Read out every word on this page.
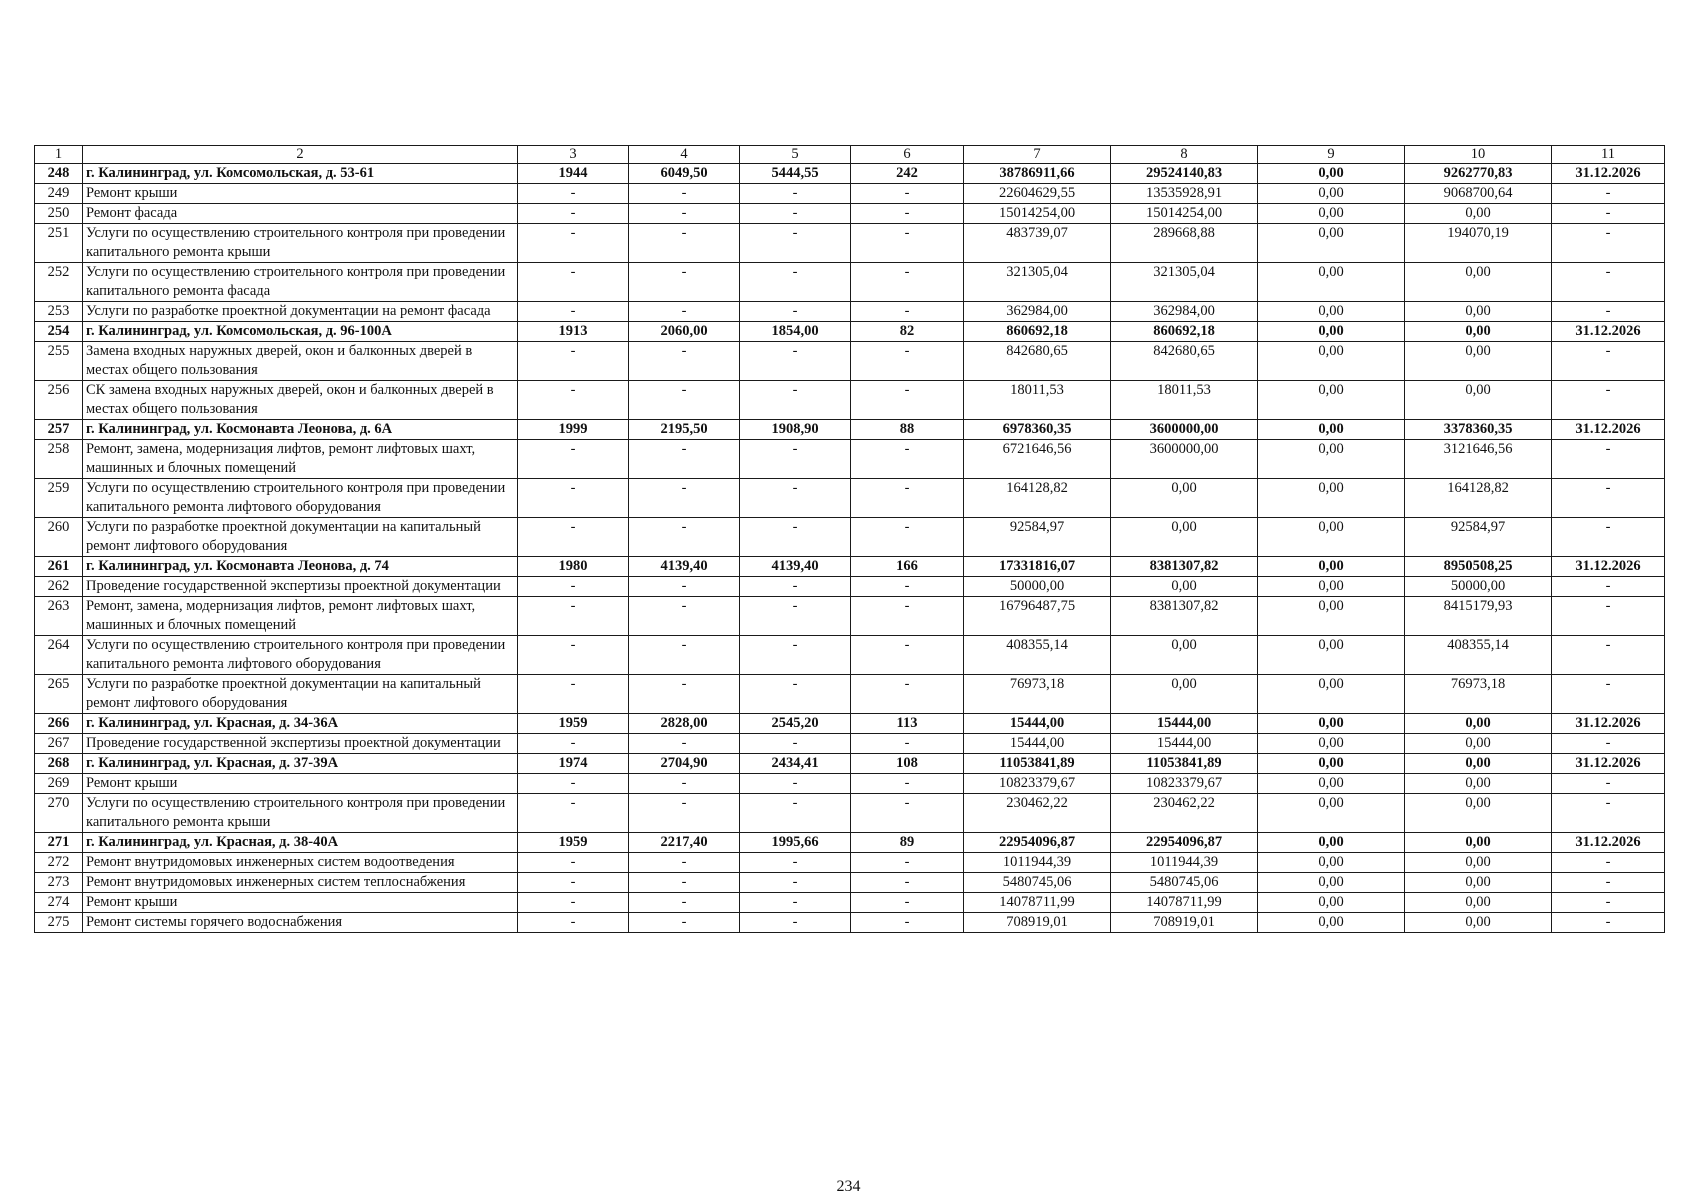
1	2	3	4	5	6	7	8	9	10	11
248	г. Калининград, ул. Комсомольская, д. 53-61	1944	6049,50	5444,55	242	38786911,66	29524140,83	0,00	9262770,83	31.12.2026
249	Ремонт крыши	-	-	-	-	22604629,55	13535928,91	0,00	9068700,64	-
250	Ремонт фасада	-	-	-	-	15014254,00	15014254,00	0,00	0,00	-
251	Услуги по осуществлению строительного контроля при проведении капитального ремонта крыши	-	-	-	-	483739,07	289668,88	0,00	194070,19	-
252	Услуги по осуществлению строительного контроля при проведении капитального ремонта фасада	-	-	-	-	321305,04	321305,04	0,00	0,00	-
253	Услуги по разработке проектной документации на ремонт фасада	-	-	-	-	362984,00	362984,00	0,00	0,00	-
254	г. Калининград, ул. Комсомольская, д. 96-100А	1913	2060,00	1854,00	82	860692,18	860692,18	0,00	0,00	31.12.2026
255	Замена входных наружных дверей, окон и балконных дверей в местах общего пользования	-	-	-	-	842680,65	842680,65	0,00	0,00	-
256	СК замена входных наружных дверей, окон и балконных дверей в местах общего пользования	-	-	-	-	18011,53	18011,53	0,00	0,00	-
257	г. Калининград, ул. Космонавта Леонова, д. 6А	1999	2195,50	1908,90	88	6978360,35	3600000,00	0,00	3378360,35	31.12.2026
258	Ремонт, замена, модернизация лифтов, ремонт лифтовых шахт, машинных и блочных помещений	-	-	-	-	6721646,56	3600000,00	0,00	3121646,56	-
259	Услуги по осуществлению строительного контроля при проведении капитального ремонта лифтового оборудования	-	-	-	-	164128,82	0,00	0,00	164128,82	-
260	Услуги по разработке проектной документации на капитальный ремонт лифтового оборудования	-	-	-	-	92584,97	0,00	0,00	92584,97	-
261	г. Калининград, ул. Космонавта Леонова, д. 74	1980	4139,40	4139,40	166	17331816,07	8381307,82	0,00	8950508,25	31.12.2026
262	Проведение государственной экспертизы проектной документации	-	-	-	-	50000,00	0,00	0,00	50000,00	-
263	Ремонт, замена, модернизация лифтов, ремонт лифтовых шахт, машинных и блочных помещений	-	-	-	-	16796487,75	8381307,82	0,00	8415179,93	-
264	Услуги по осуществлению строительного контроля при проведении капитального ремонта лифтового оборудования	-	-	-	-	408355,14	0,00	0,00	408355,14	-
265	Услуги по разработке проектной документации на капитальный ремонт лифтового оборудования	-	-	-	-	76973,18	0,00	0,00	76973,18	-
266	г. Калининград, ул. Красная, д. 34-36А	1959	2828,00	2545,20	113	15444,00	15444,00	0,00	0,00	31.12.2026
267	Проведение государственной экспертизы проектной документации	-	-	-	-	15444,00	15444,00	0,00	0,00	-
268	г. Калининград, ул. Красная, д. 37-39А	1974	2704,90	2434,41	108	11053841,89	11053841,89	0,00	0,00	31.12.2026
269	Ремонт крыши	-	-	-	-	10823379,67	10823379,67	0,00	0,00	-
270	Услуги по осуществлению строительного контроля при проведении капитального ремонта крыши	-	-	-	-	230462,22	230462,22	0,00	0,00	-
271	г. Калининград, ул. Красная, д. 38-40А	1959	2217,40	1995,66	89	22954096,87	22954096,87	0,00	0,00	31.12.2026
272	Ремонт внутридомовых инженерных систем водоотведения	-	-	-	-	1011944,39	1011944,39	0,00	0,00	-
273	Ремонт внутридомовых инженерных систем теплоснабжения	-	-	-	-	5480745,06	5480745,06	0,00	0,00	-
274	Ремонт крыши	-	-	-	-	14078711,99	14078711,99	0,00	0,00	-
275	Ремонт системы горячего водоснабжения	-	-	-	-	708919,01	708919,01	0,00	0,00	-
234
